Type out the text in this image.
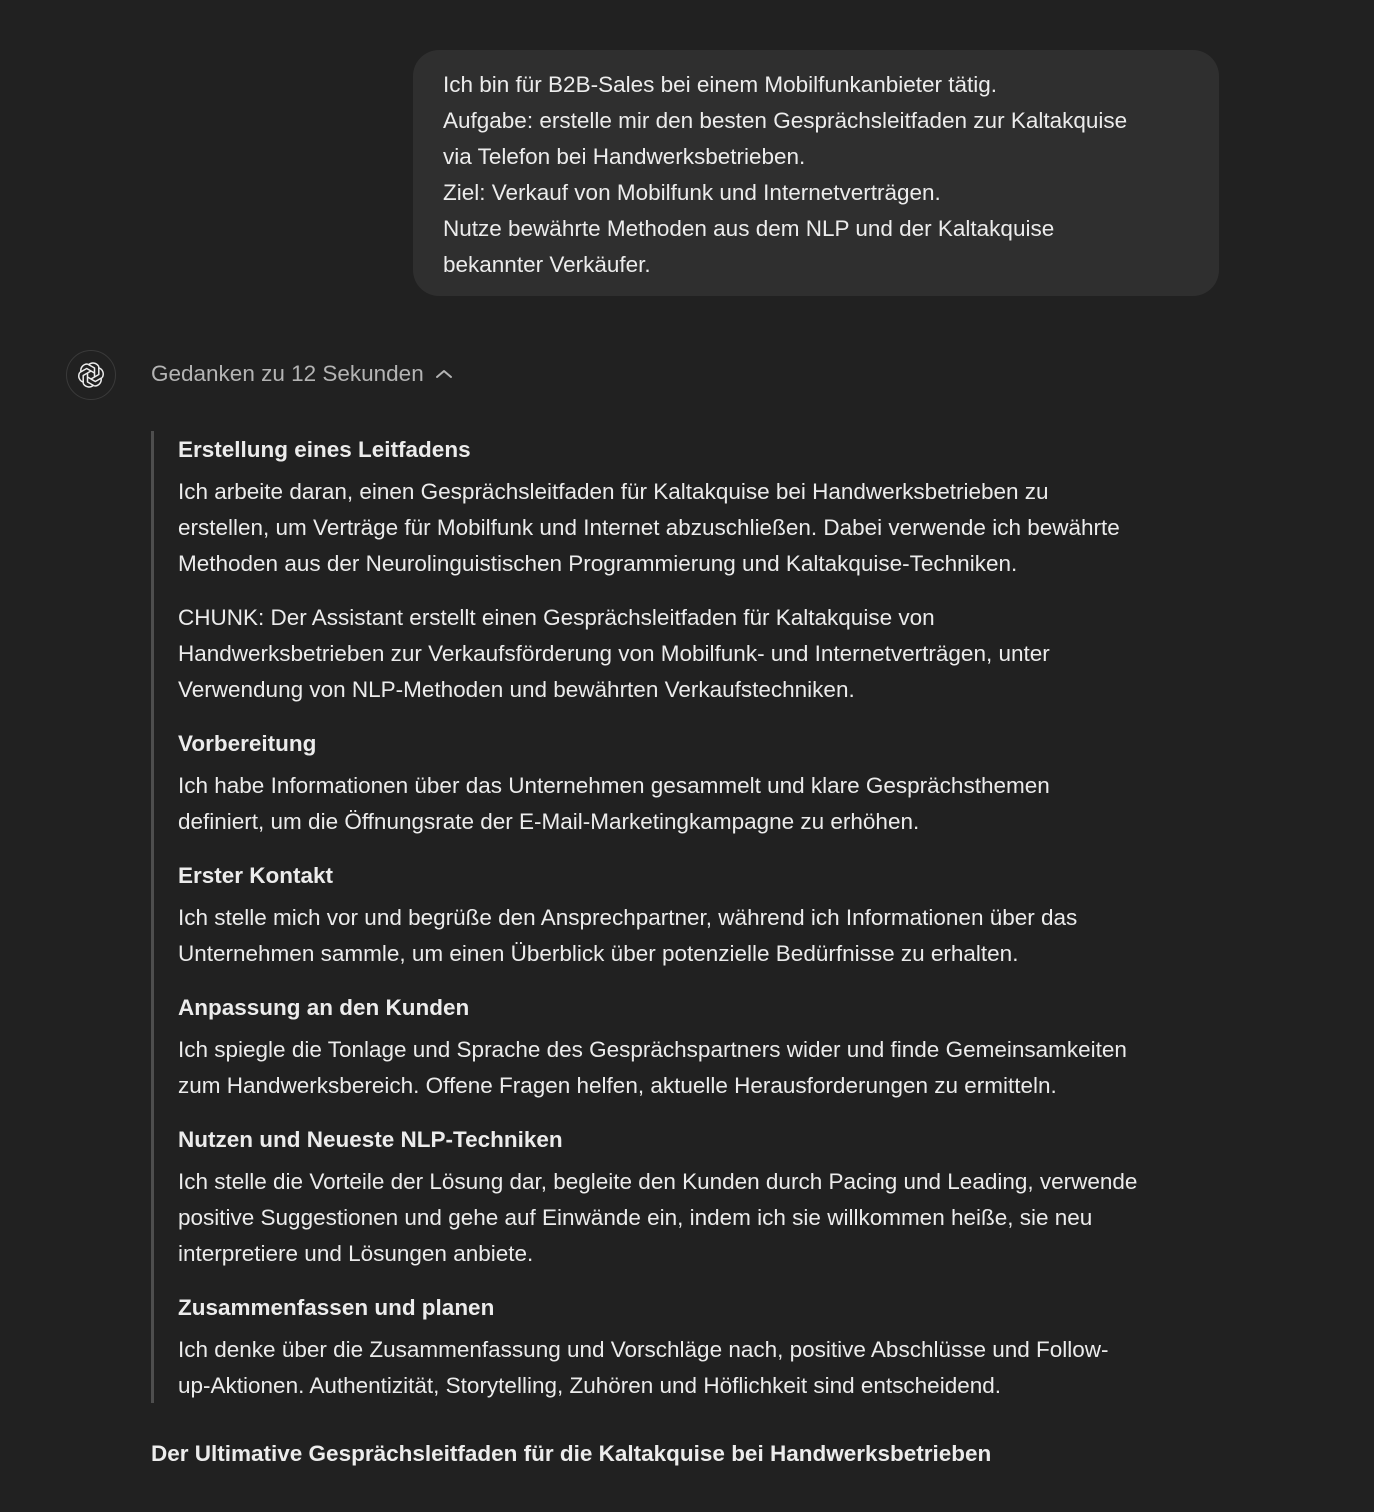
Ich bin für B2B-Sales bei einem Mobilfunkanbieter tätig.
Aufgabe: erstelle mir den besten Gesprächsleitfaden zur Kaltakquise
via Telefon bei Handwerksbetrieben.
Ziel: Verkauf von Mobilfunk und Internetverträgen.
Nutze bewährte Methoden aus dem NLP und der Kaltakquise
bekannter Verkäufer.
Gedanken zu 12 Sekunden
Erstellung eines Leitfadens
Ich arbeite daran, einen Gesprächsleitfaden für Kaltakquise bei Handwerksbetrieben zu
erstellen, um Verträge für Mobilfunk und Internet abzuschließen. Dabei verwende ich bewährte
Methoden aus der Neurolinguistischen Programmierung und Kaltakquise-Techniken.
CHUNK: Der Assistant erstellt einen Gesprächsleitfaden für Kaltakquise von
Handwerksbetrieben zur Verkaufsförderung von Mobilfunk- und Internetverträgen, unter
Verwendung von NLP-Methoden und bewährten Verkaufstechniken.
Vorbereitung
Ich habe Informationen über das Unternehmen gesammelt und klare Gesprächsthemen
definiert, um die Öffnungsrate der E-Mail-Marketingkampagne zu erhöhen.
Erster Kontakt
Ich stelle mich vor und begrüße den Ansprechpartner, während ich Informationen über das
Unternehmen sammle, um einen Überblick über potenzielle Bedürfnisse zu erhalten.
Anpassung an den Kunden
Ich spiegle die Tonlage und Sprache des Gesprächspartners wider und finde Gemeinsamkeiten
zum Handwerksbereich. Offene Fragen helfen, aktuelle Herausforderungen zu ermitteln.
Nutzen und Neueste NLP-Techniken
Ich stelle die Vorteile der Lösung dar, begleite den Kunden durch Pacing und Leading, verwende
positive Suggestionen und gehe auf Einwände ein, indem ich sie willkommen heiße, sie neu
interpretiere und Lösungen anbiete.
Zusammenfassen und planen
Ich denke über die Zusammenfassung und Vorschläge nach, positive Abschlüsse und Follow-
up-Aktionen. Authentizität, Storytelling, Zuhören und Höflichkeit sind entscheidend.
Der Ultimative Gesprächsleitfaden für die Kaltakquise bei Handwerksbetrieben
